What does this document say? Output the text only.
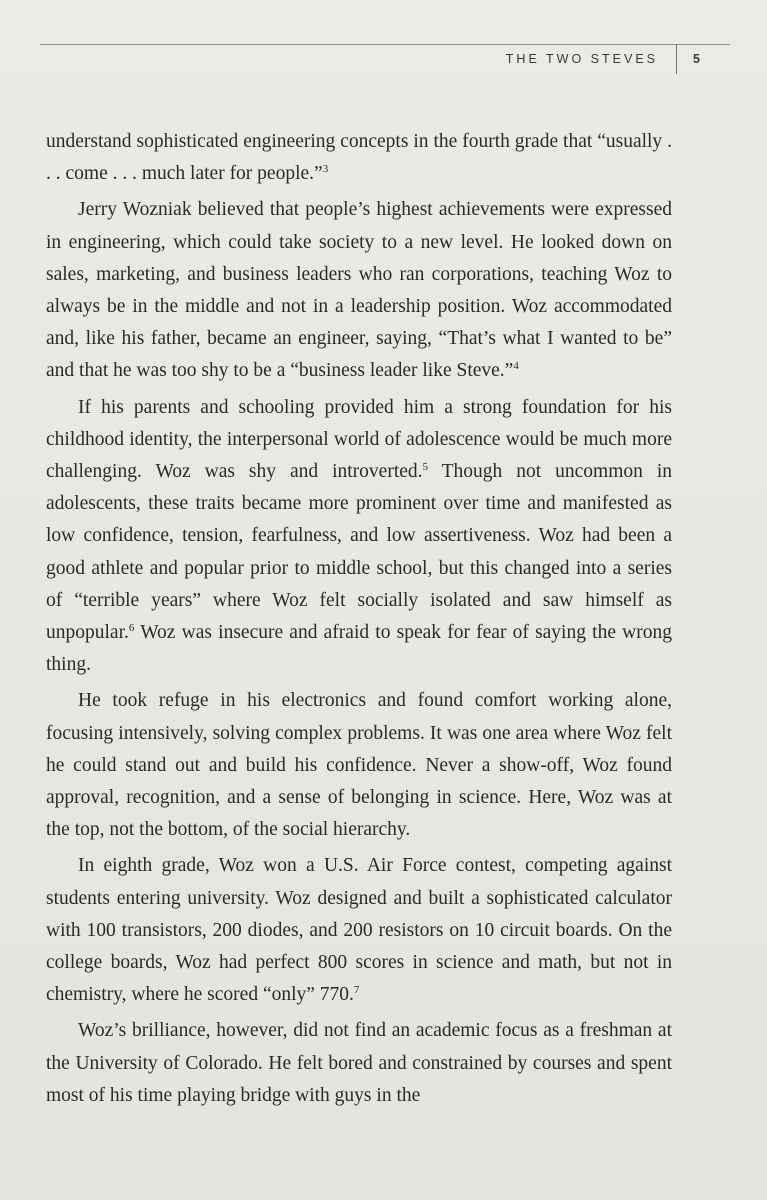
THE TWO STEVES	5

understand sophisticated engineering concepts in the fourth grade that “usually . . . come . . . much later for people.”$^3$

Jerry Wozniak believed that people’s highest achievements were expressed in engineering, which could take society to a new level. He looked down on sales, marketing, and business leaders who ran corporations, teaching Woz to always be in the middle and not in a leadership position. Woz accommodated and, like his father, became an engineer, saying, “That’s what I wanted to be” and that he was too shy to be a “business leader like Steve.”$^4$

If his parents and schooling provided him a strong foundation for his childhood identity, the interpersonal world of adolescence would be much more challenging. Woz was shy and introverted.$^5$ Though not uncommon in adolescents, these traits became more prominent over time and manifested as low confidence, tension, fearfulness, and low assertiveness. Woz had been a good athlete and popular prior to middle school, but this changed into a series of “terrible years” where Woz felt socially isolated and saw himself as unpopular.$^6$ Woz was insecure and afraid to speak for fear of saying the wrong thing.

He took refuge in his electronics and found comfort working alone, focusing intensively, solving complex problems. It was one area where Woz felt he could stand out and build his confidence. Never a show-off, Woz found approval, recognition, and a sense of belonging in science. Here, Woz was at the top, not the bottom, of the social hierarchy.

In eighth grade, Woz won a U.S. Air Force contest, competing against students entering university. Woz designed and built a sophisticated calculator with 100 transistors, 200 diodes, and 200 resistors on 10 circuit boards. On the college boards, Woz had perfect 800 scores in science and math, but not in chemistry, where he scored “only” 770.$^7$

Woz’s brilliance, however, did not find an academic focus as a freshman at the University of Colorado. He felt bored and constrained by courses and spent most of his time playing bridge with guys in the
